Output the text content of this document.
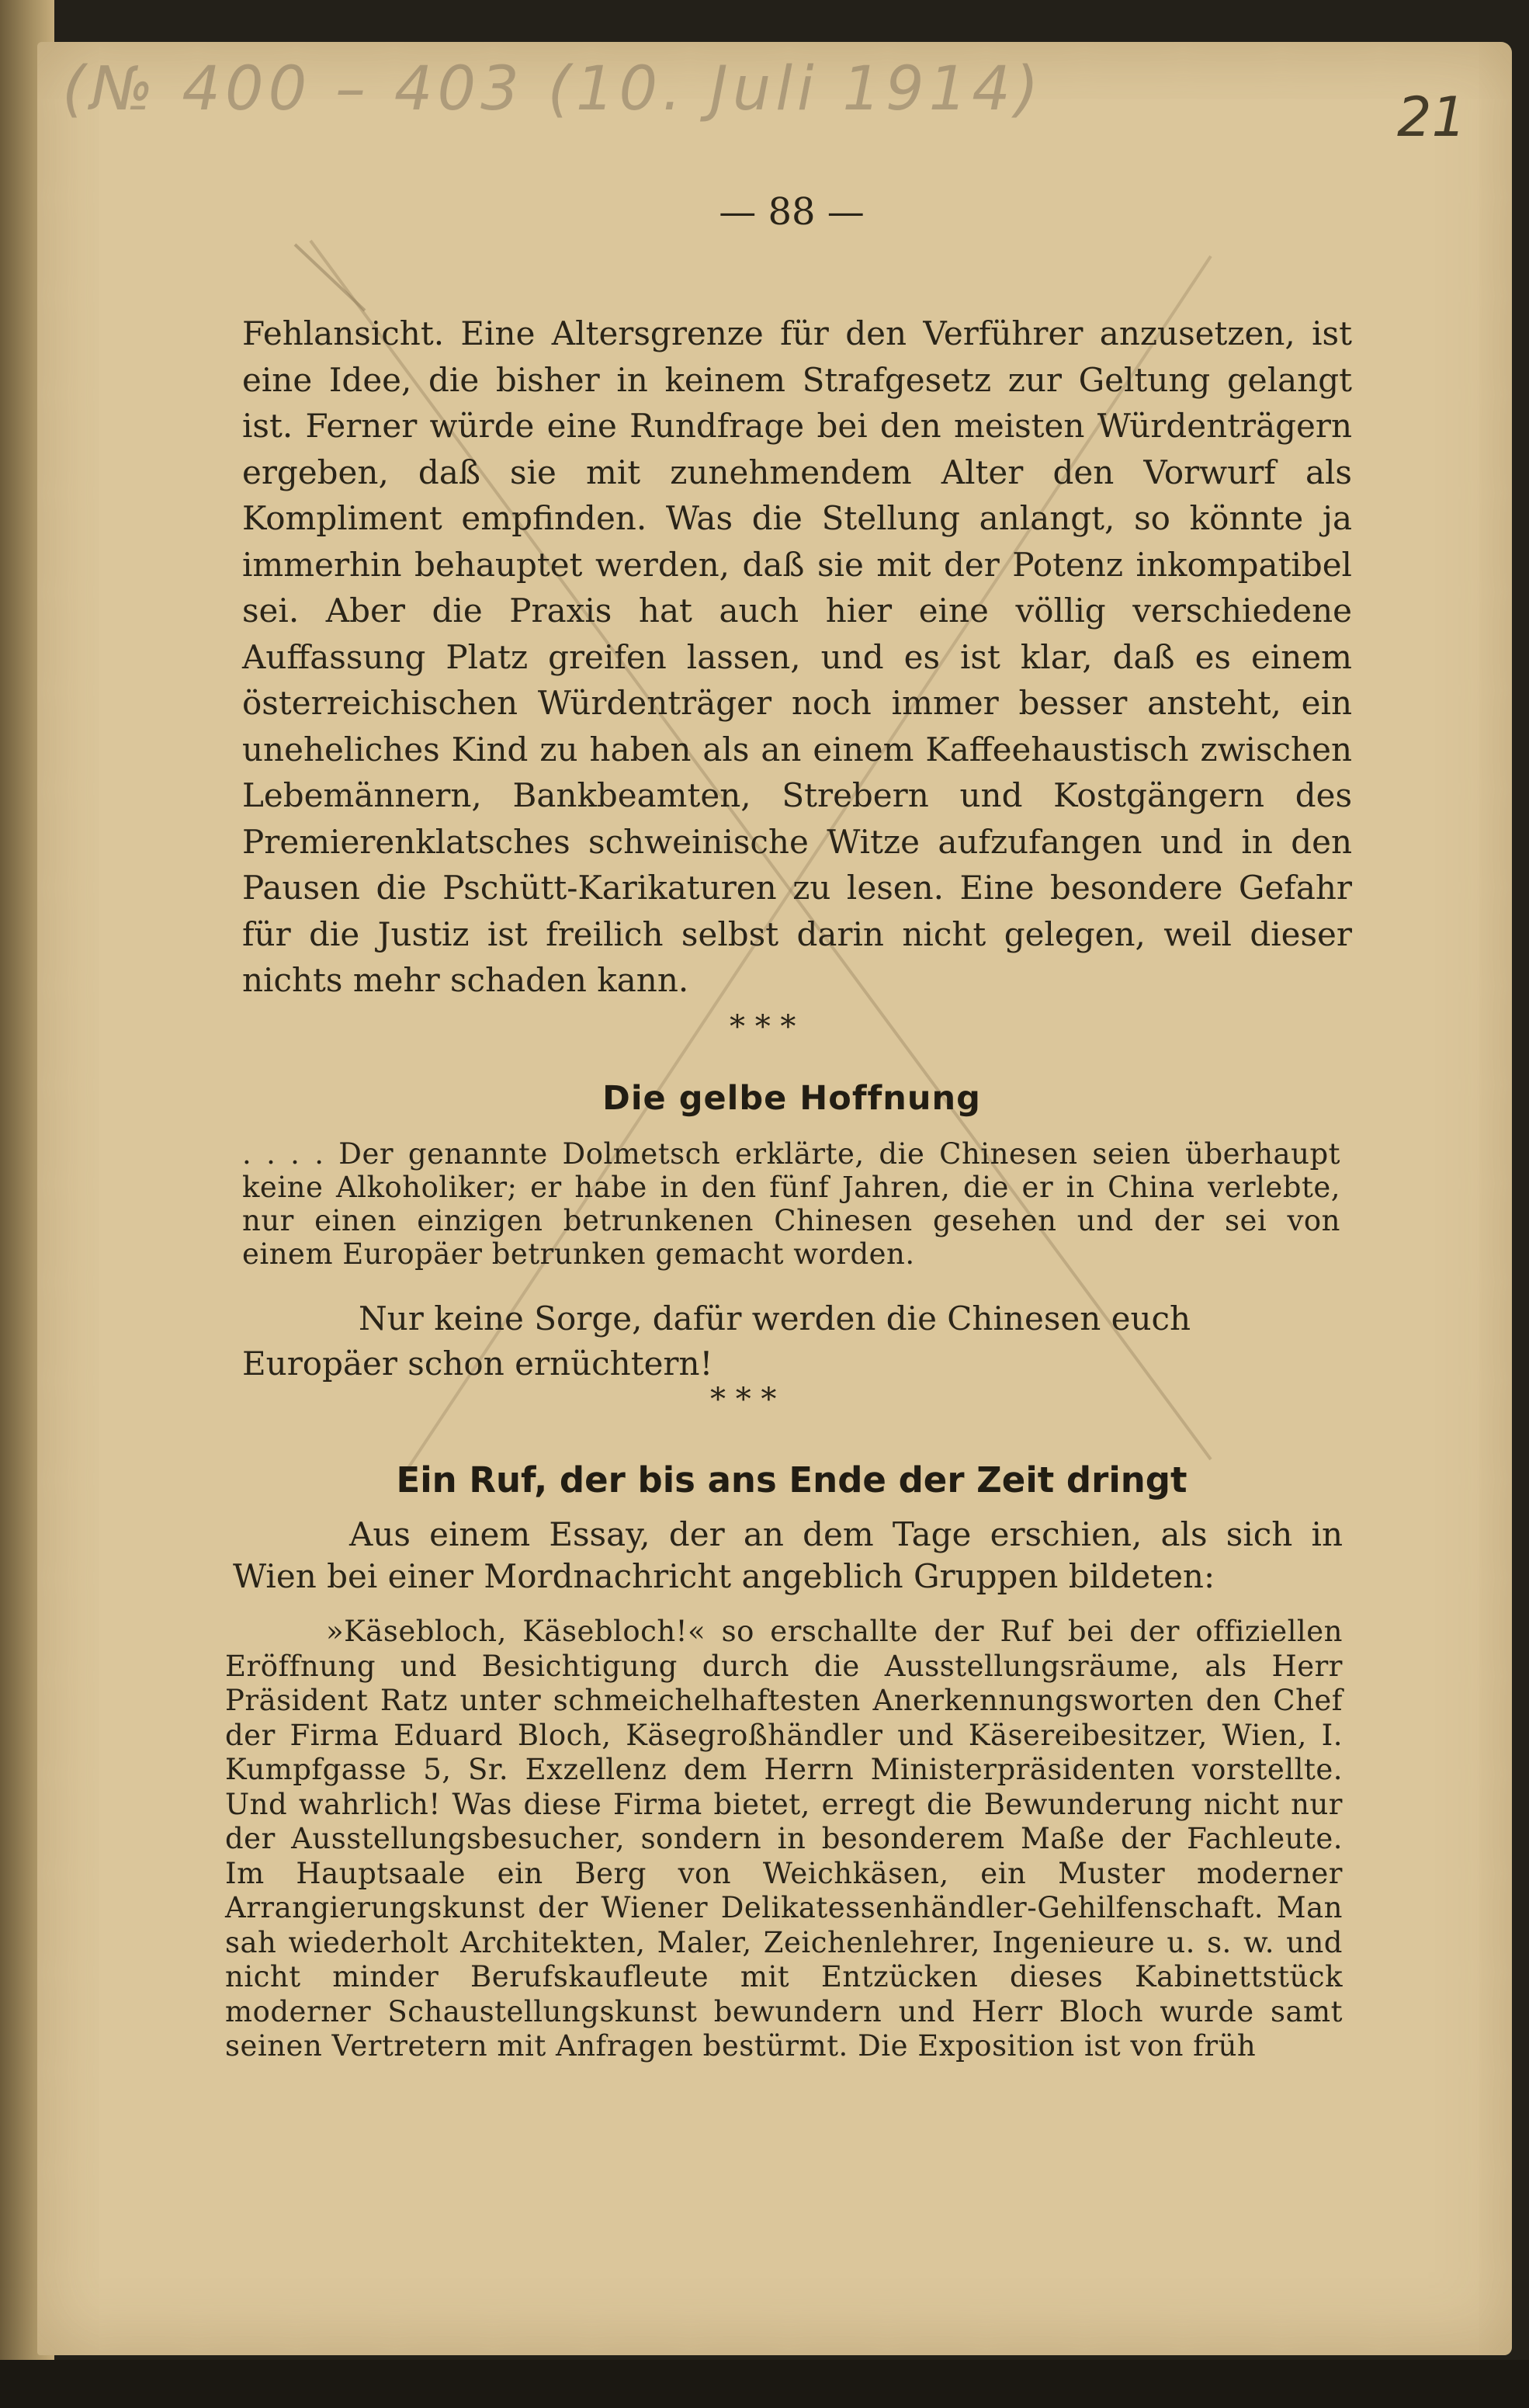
(№ 400 – 403 (10. Juli 1914)	21
— 88 —
Fehlansicht. Eine Altersgrenze für den Verführer anzusetzen, ist eine Idee, die bisher in keinem Strafgesetz zur Geltung gelangt ist. Ferner würde eine Rundfrage bei den meisten Würdenträgern ergeben, daß sie mit zunehmendem Alter den Vorwurf als Kompliment empfinden. Was die Stellung anlangt, so könnte ja immerhin behauptet werden, daß sie mit der Potenz inkompatibel sei. Aber die Praxis hat auch hier eine völlig verschiedene Auffassung Platz greifen lassen, und es ist klar, daß es einem österreichischen Würdenträger noch immer besser ansteht, ein uneheliches Kind zu haben als an einem Kaffeehaustisch zwischen Lebemännern, Bankbeamten, Strebern und Kostgängern des Premierenklatsches schweinische Witze aufzufangen und in den Pausen die Pschütt-Karikaturen zu lesen. Eine besondere Gefahr für die Justiz ist freilich selbst darin nicht gelegen, weil dieser nichts mehr schaden kann.
* * *
Die gelbe Hoffnung
. . . . Der genannte Dolmetsch erklärte, die Chinesen seien überhaupt keine Alkoholiker; er habe in den fünf Jahren, die er in China verlebte, nur einen einzigen betrunkenen Chinesen gesehen und der sei von einem Europäer betrunken gemacht worden.
Nur keine Sorge, dafür werden die Chinesen euch Europäer schon ernüchtern!
* * *
Ein Ruf, der bis ans Ende der Zeit dringt
Aus einem Essay, der an dem Tage erschien, als sich in Wien bei einer Mordnachricht angeblich Gruppen bildeten:
»Käsebloch, Käsebloch!« so erschallte der Ruf bei der offiziellen Eröffnung und Besichtigung durch die Ausstellungsräume, als Herr Präsident Ratz unter schmeichelhaftesten Anerkennungsworten den Chef der Firma Eduard Bloch, Käsegroßhändler und Käsereibesitzer, Wien, I. Kumpfgasse 5, Sr. Exzellenz dem Herrn Ministerpräsidenten vorstellte. Und wahrlich! Was diese Firma bietet, erregt die Bewunderung nicht nur der Ausstellungsbesucher, sondern in besonderem Maße der Fachleute. Im Hauptsaale ein Berg von Weichkäsen, ein Muster moderner Arrangierungskunst der Wiener Delikatessenhändler-Gehilfenschaft. Man sah wiederholt Architekten, Maler, Zeichenlehrer, Ingenieure u. s. w. und nicht minder Berufskaufleute mit Entzücken dieses Kabinettstück moderner Schaustellungskunst bewundern und Herr Bloch wurde samt seinen Vertretern mit Anfragen bestürmt. Die Exposition ist von früh
